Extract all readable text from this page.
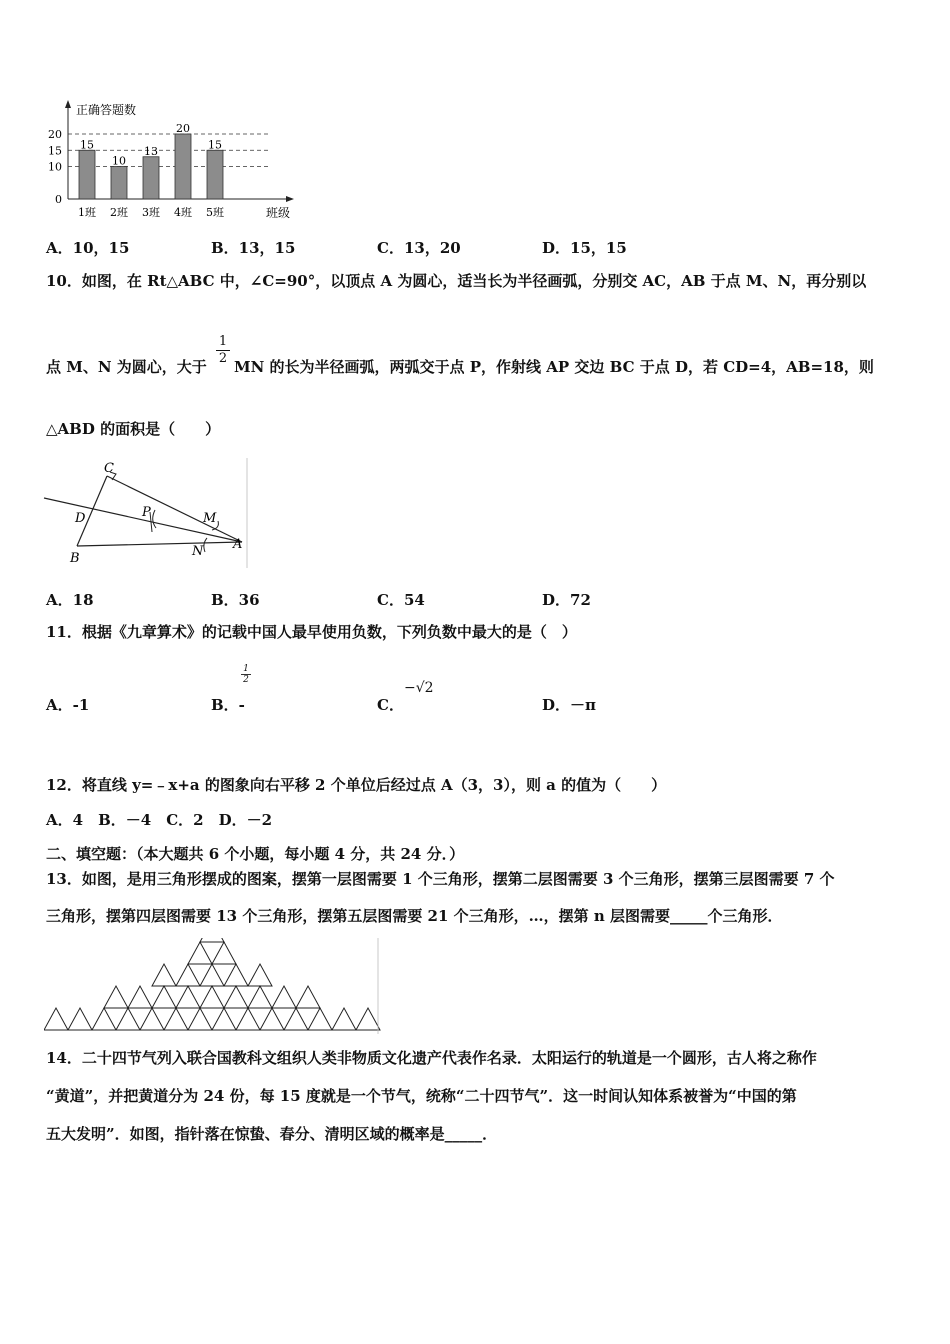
正确答题数
班级
0
10
15
20
15
1班
10
2班
13
3班
20
4班
15
5班
A．10，15	B．13，15	C．13，20	D．15，15
10．如图，在 Rt△ABC 中，∠C=90°，以顶点 A 为圆心，适当长为半径画弧，分别交 AC，AB 于点 M、N，再分别以
点 M、N 为圆心，大于
$\frac{1}{2}$
MN 的长为半径画弧，两弧交于点 P，作射线 AP 交边 BC 于点 D，若 CD=4，AB=18，则
△ABD 的面积是（　　）
C
D	P	M
B	N A
A．18	B．36	C．54	D．72
11．根据《九章算术》的记载中国人最早使用负数，下列负数中最大的是（　）
A．-1	B．-
$\frac{1}{2}$
C．
−√2
D．－π
12．将直线 y=﹣x+a 的图象向右平移 2 个单位后经过点 A（3，3），则 a 的值为（　　）
A．4　B．－4　C．2　D．－2
二、填空题：（本大题共 6 个小题，每小题 4 分，共 24 分．）
13．如图，是用三角形摆成的图案，摆第一层图需要 1 个三角形，摆第二层图需要 3 个三角形，摆第三层图需要 7 个
三角形，摆第四层图需要 13 个三角形，摆第五层图需要 21 个三角形，…，摆第 n 层图需要_____个三角形．
14．二十四节气列入联合国教科文组织人类非物质文化遗产代表作名录．太阳运行的轨道是一个圆形，古人将之称作
“黄道”，并把黄道分为 24 份，每 15 度就是一个节气，统称“二十四节气”．这一时间认知体系被誉为“中国的第
五大发明”．如图，指针落在惊蛰、春分、清明区域的概率是_____．
